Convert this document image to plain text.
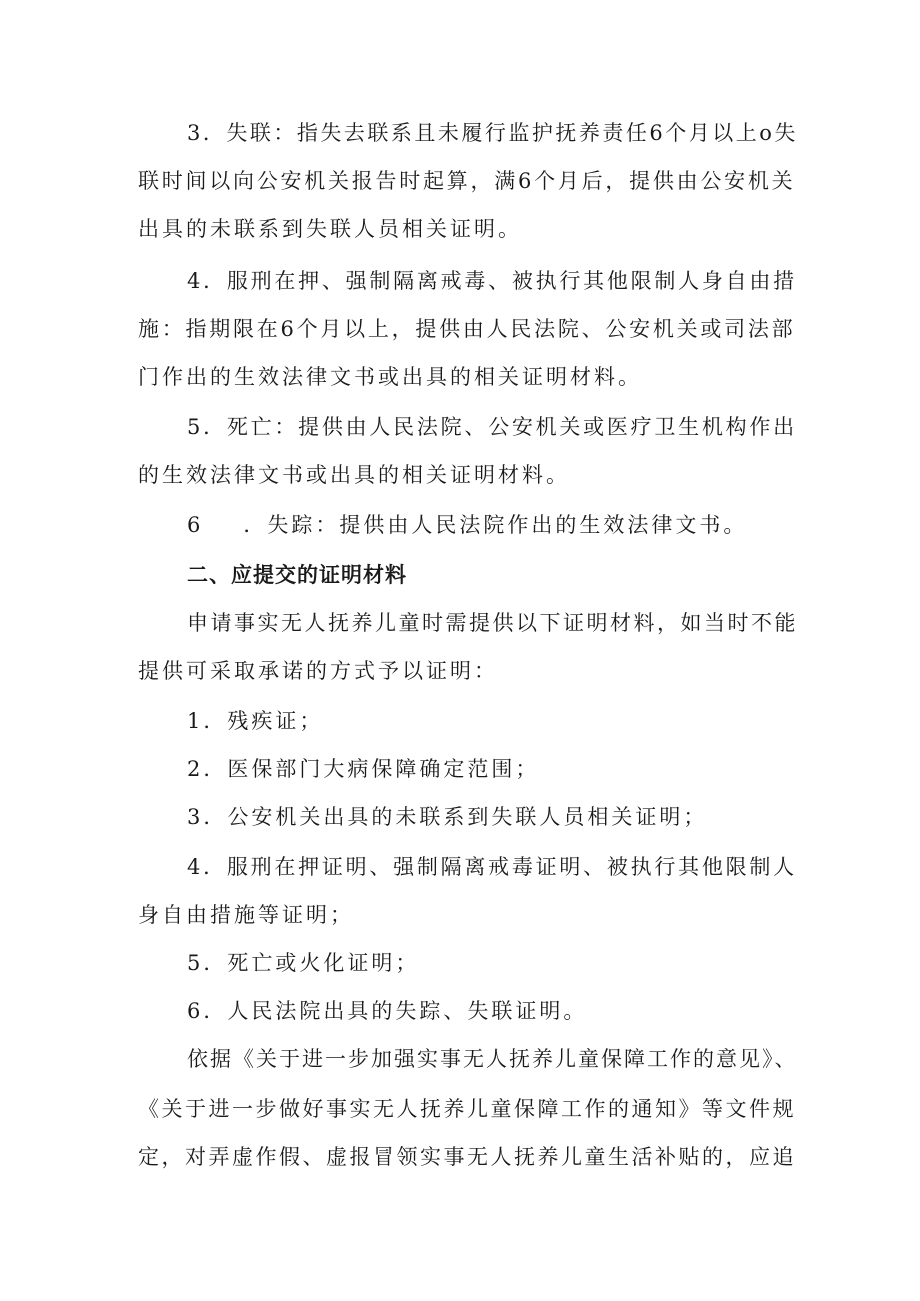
3．失联：指失去联系且未履行监护抚养责任6个月以上o失
联时间以向公安机关报告时起算，满6个月后，提供由公安机关
出具的未联系到失联人员相关证明。
4．服刑在押、强制隔离戒毒、被执行其他限制人身自由措
施：指期限在6个月以上，提供由人民法院、公安机关或司法部
门作出的生效法律文书或出具的相关证明材料。
5．死亡：提供由人民法院、公安机关或医疗卫生机构作出
的生效法律文书或出具的相关证明材料。
6 ．失踪：提供由人民法院作出的生效法律文书。
二、应提交的证明材料
申请事实无人抚养儿童时需提供以下证明材料，如当时不能
提供可采取承诺的方式予以证明：
1．残疾证；
2．医保部门大病保障确定范围；
3．公安机关出具的未联系到失联人员相关证明；
4．服刑在押证明、强制隔离戒毒证明、被执行其他限制人
身自由措施等证明；
5．死亡或火化证明；
6．人民法院出具的失踪、失联证明。
依据《关于进一步加强实事无人抚养儿童保障工作的意见》、
《关于进一步做好事实无人抚养儿童保障工作的通知》等文件规
定，对弄虚作假、虚报冒领实事无人抚养儿童生活补贴的，应追
